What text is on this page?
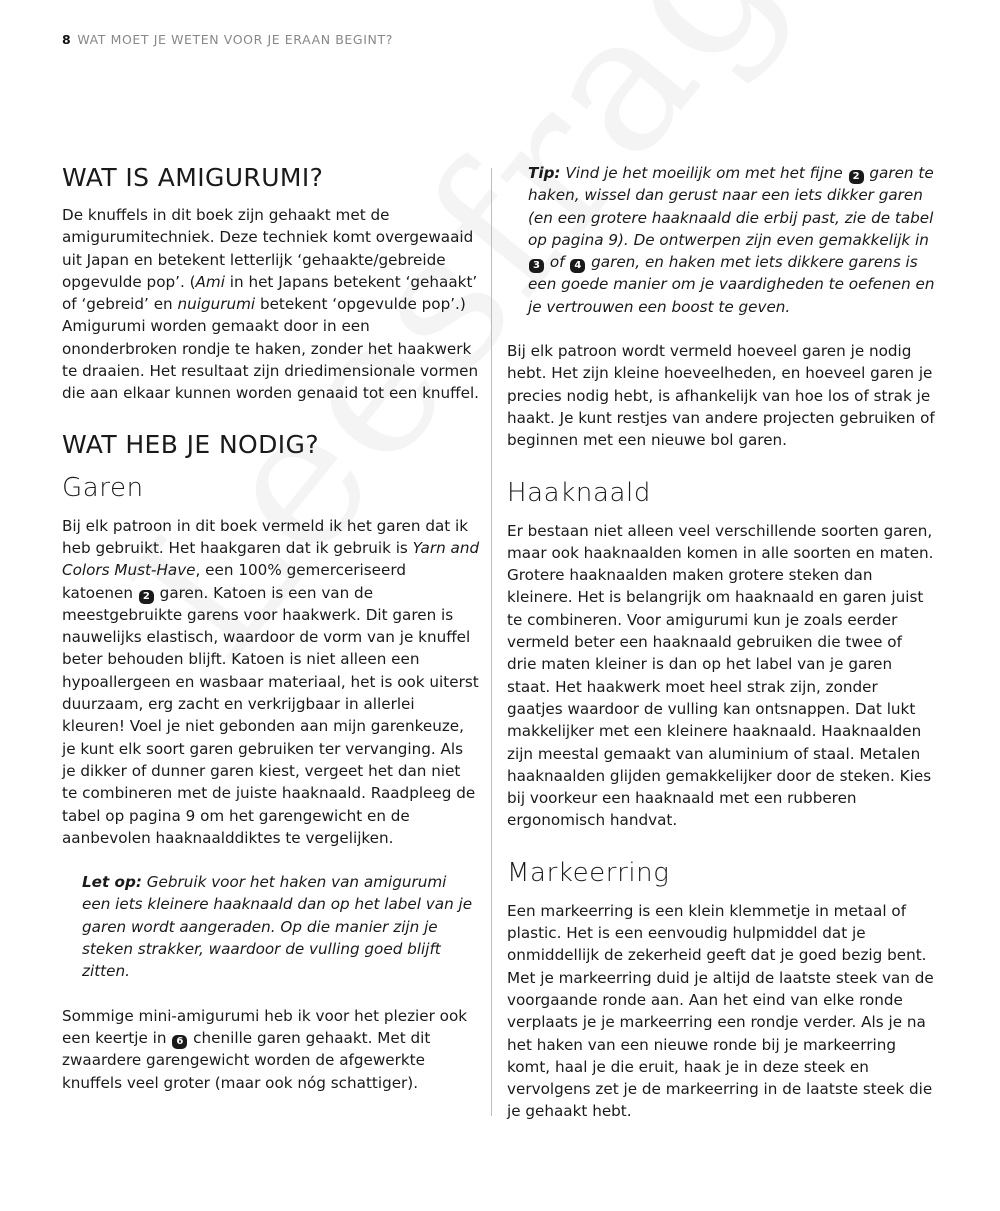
8 WAT MOET JE WETEN VOOR JE ERAAN BEGINT?
WAT IS AMIGURUMI?

De knuffels in dit boek zijn gehaakt met de amigurumitechniek. Deze techniek komt overgewaaid uit Japan en betekent letterlijk ‘gehaakte/gebreide opgevulde pop’. (Ami in het Japans betekent ‘gehaakt’ of ‘gebreid’ en nuigurumi betekent ‘opgevulde pop’.) Amigurumi worden gemaakt door in een ononderbroken rondje te haken, zonder het haakwerk te draaien. Het resultaat zijn driedimensionale vormen die aan elkaar kunnen worden genaaid tot een knuffel.

WAT HEB JE NODIG?
Garen

Bij elk patroon in dit boek vermeld ik het garen dat ik heb gebruikt. Het haakgaren dat ik gebruik is Yarn and Colors Must-Have, een 100% gemerceriseerd katoenen 2 garen. Katoen is een van de meestgebruikte garens voor haakwerk. Dit garen is nauwelijks elastisch, waardoor de vorm van je knuffel beter behouden blijft. Katoen is niet alleen een hypoallergeen en wasbaar materiaal, het is ook uiterst duurzaam, erg zacht en verkrijgbaar in allerlei kleuren! Voel je niet gebonden aan mijn garenkeuze, je kunt elk soort garen gebruiken ter vervanging. Als je dikker of dunner garen kiest, vergeet het dan niet te combineren met de juiste haaknaald. Raadpleeg de tabel op pagina 9 om het garengewicht en de aanbevolen haaknaalddiktes te vergelijken.

Let op: Gebruik voor het haken van amigurumi een iets kleinere haaknaald dan op het label van je garen wordt aangeraden. Op die manier zijn je steken strakker, waardoor de vulling goed blijft zitten.

Sommige mini-amigurumi heb ik voor het plezier ook een keertje in 6 chenille garen gehaakt. Met dit zwaardere garengewicht worden de afgewerkte knuffels veel groter (maar ook nóg schattiger).

Tip: Vind je het moeilijk om met het fijne 2 garen te haken, wissel dan gerust naar een iets dikker garen (en een grotere haaknaald die erbij past, zie de tabel op pagina 9). De ontwerpen zijn even gemakkelijk in 3 of 4 garen, en haken met iets dikkere garens is een goede manier om je vaardigheden te oefenen en je vertrouwen een boost te geven.

Bij elk patroon wordt vermeld hoeveel garen je nodig hebt. Het zijn kleine hoeveelheden, en hoeveel garen je precies nodig hebt, is afhankelijk van hoe los of strak je haakt. Je kunt restjes van andere projecten gebruiken of beginnen met een nieuwe bol garen.

Haaknaald

Er bestaan niet alleen veel verschillende soorten garen, maar ook haaknaalden komen in alle soorten en maten. Grotere haaknaalden maken grotere steken dan kleinere. Het is belangrijk om haaknaald en garen juist te combineren. Voor amigurumi kun je zoals eerder vermeld beter een haaknaald gebruiken die twee of drie maten kleiner is dan op het label van je garen staat. Het haakwerk moet heel strak zijn, zonder gaatjes waardoor de vulling kan ontsnappen. Dat lukt makkelijker met een kleinere haaknaald. Haaknaalden zijn meestal gemaakt van aluminium of staal. Metalen haaknaalden glijden gemakkelijker door de steken. Kies bij voorkeur een haaknaald met een rubberen ergonomisch handvat.

Markeerring

Een markeerring is een klein klemmetje in metaal of plastic. Het is een eenvoudig hulpmiddel dat je onmiddellijk de zekerheid geeft dat je goed bezig bent. Met je markeerring duid je altijd de laatste steek van de voorgaande ronde aan. Aan het eind van elke ronde verplaats je je markeerring een rondje verder. Als je na het haken van een nieuwe ronde bij je markeerring komt, haal je die eruit, haak je in deze steek en vervolgens zet je de markeerring in de laatste steek die je gehaakt hebt.
